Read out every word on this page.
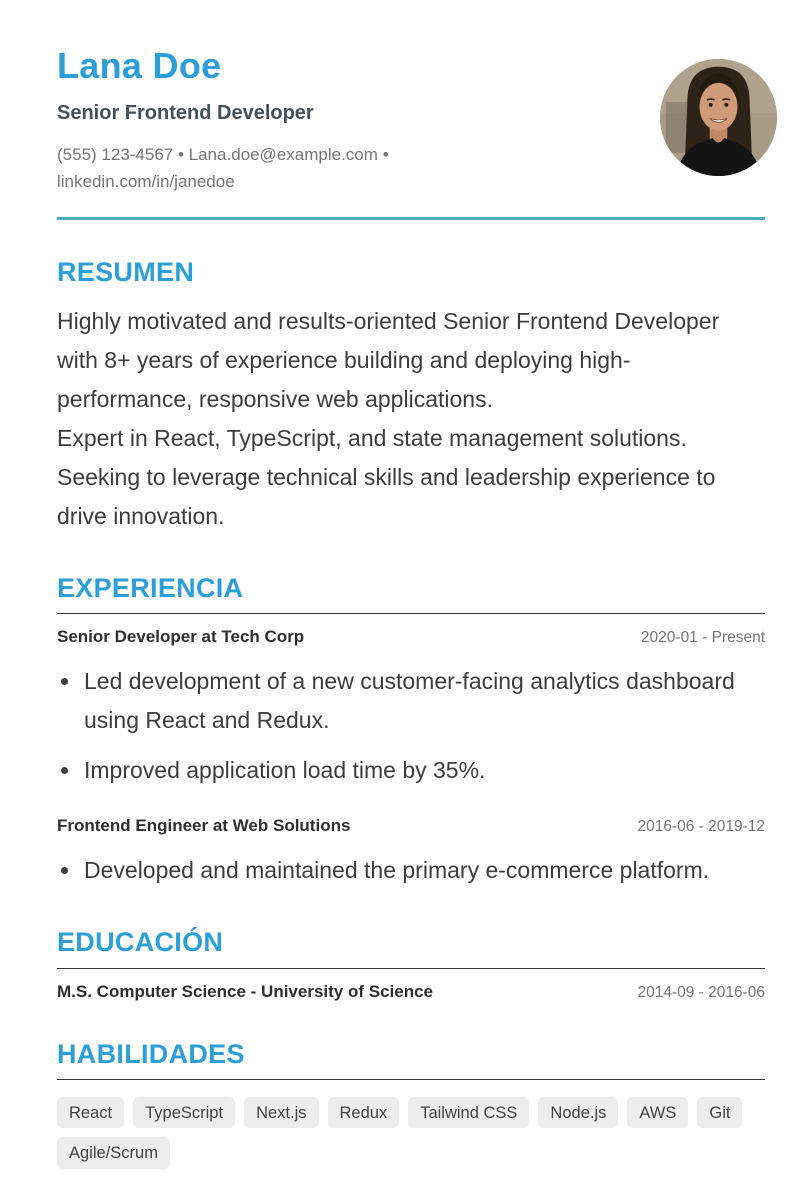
Lana Doe
Senior Frontend Developer
(555) 123-4567 • Lana.doe@example.com •
linkedin.com/in/janedoe
RESUMEN

Highly motivated and results-oriented Senior Frontend Developer with 8+ years of experience building and deploying high-performance, responsive web applications.
Expert in React, TypeScript, and state management solutions. Seeking to leverage technical skills and leadership experience to drive innovation.

EXPERIENCIA
Senior Developer at Tech Corp	2020-01 - Present
• Led development of a new customer-facing analytics dashboard using React and Redux.
• Improved application load time by 35%.
Frontend Engineer at Web Solutions	2016-06 - 2019-12
• Developed and maintained the primary e-commerce platform.
EDUCACIÓN
M.S. Computer Science - University of Science	2014-09 - 2016-06
HABILIDADES
React	TypeScript	Next.js	Redux	Tailwind CSS	Node.js	AWS	Git
Agile/Scrum
